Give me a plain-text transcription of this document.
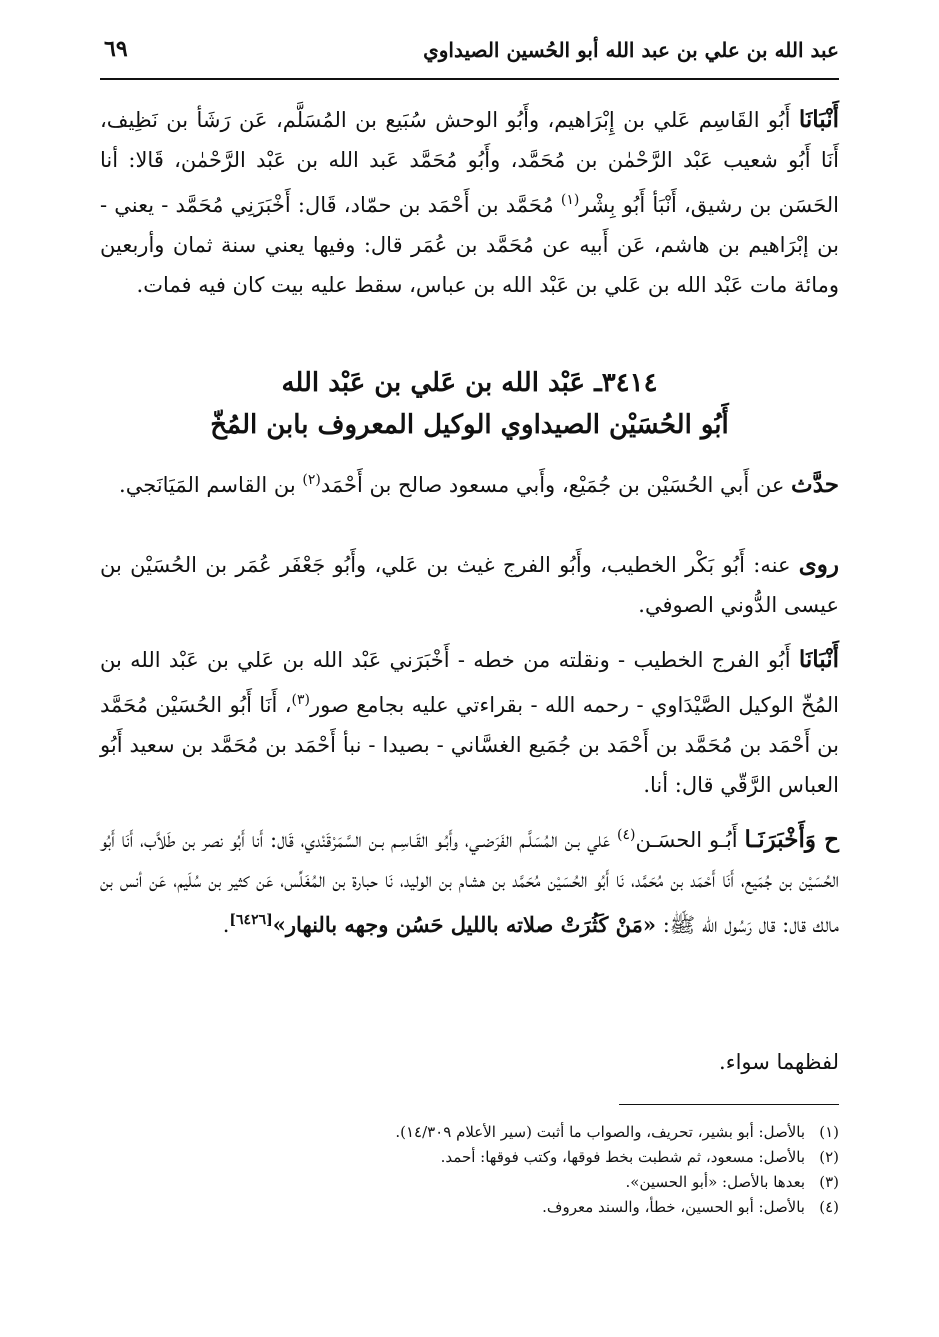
عبد الله بن علي بن عبد الله أبو الحُسين الصيداوي
٦٩

أَنْبَانَا أَبُو القَاسِم عَلي بن إِبْرَاهيم، وأَبُو الوحش سُبَيع بن المُسَلَّم، عَن رَشَأ بن نَظِيف، أَنَا أَبُو شعيب عَبْد الرَّحْمٰن بن مُحَمَّد، وأَبُو مُحَمَّد عَبد الله بن عَبْد الرَّحْمٰن، قَالا: أنا الحَسَن بن رشيق، أَنْبَأ أَبُو بِشْر$^{(١)}$ مُحَمَّد بن أَحْمَد بن حمّاد، قَال: أَخْبَرَنِي مُحَمَّد - يعني - بن إبْرَاهيم بن هاشم، عَن أَبيه عن مُحَمَّد بن عُمَر قال: وفيها يعني سنة ثمان وأربعين ومائة مات عَبْد الله بن عَلي بن عَبْد الله بن عباس، سقط عليه بيت كان فيه فمات.

٣٤١٤ـ عَبْد الله بن عَلي بن عَبْد الله
أَبُو الحُسَيْن الصيداوي الوكيل المعروف بابن المُخّ

حدَّث عن أَبي الحُسَيْن بن جُمَيْع، وأَبي مسعود صالح بن أَحْمَد$^{(٢)}$ بن القاسم المَيَانَجي.

روى عنه: أَبُو بَكْر الخطيب، وأَبُو الفرج غيث بن عَلي، وأَبُو جَعْفَر عُمَر بن الحُسَيْن بن عيسى الدُّوني الصوفي.

أَنْبَانَا أَبُو الفرج الخطيب - ونقلته من خطه - أَخْبَرَني عَبْد الله بن عَلي بن عَبْد الله بن المُخّ الوكيل الصَّيْدَاوي - رحمه الله - بقراءتي عليه بجامع صور$^{(٣)}$، أَنَا أَبُو الحُسَيْن مُحَمَّد بن أَحْمَد بن مُحَمَّد بن أَحْمَد بن جُمَيع الغسَّاني - بصيدا - نبأ أَحْمَد بن مُحَمَّد بن سعيد أَبُو العباس الرَّقّي قال: أنا.

ح وَأَخْبَرَنَـا أَبُـو الحسَـن$^{(٤)}$ عَلي بـن المُسَلَّـم الفَرَضـي، وأَبُـو القَـاسِـم بـن السَّمَرْقَنْدي، قَال: أَنا أَبُو نصر بن طَلاَّب، أَنَا أَبُو الحُسَيْن بن جُمَيع، أَنَا أَحْمَد بن مُحَمَّد، نَا أَبُو الحُسَيْن مُحَمَّد بن هشام بن الوليد، نَا حبارة بن المُغَلِّس، عَن كثير بن سُلَيم، عَن أنس بن مالك قال: قال رَسُول الله ﷺ: «مَنْ كَثُرَتْ صلاته بالليل حَسُن وجهه بالنهار»[٦٤٢٦].

لفظهما سواء.

(١)
بالأصل: أبو بشير، تحريف، والصواب ما أثبت (سير الأعلام ١٤/٣٠٩).
(٢)
بالأصل: مسعود، ثم شطبت بخط فوقها، وكتب فوقها: أحمد.
(٣)
بعدها بالأصل: «أبو الحسين».
(٤)
بالأصل: أبو الحسين، خطأ، والسند معروف.
